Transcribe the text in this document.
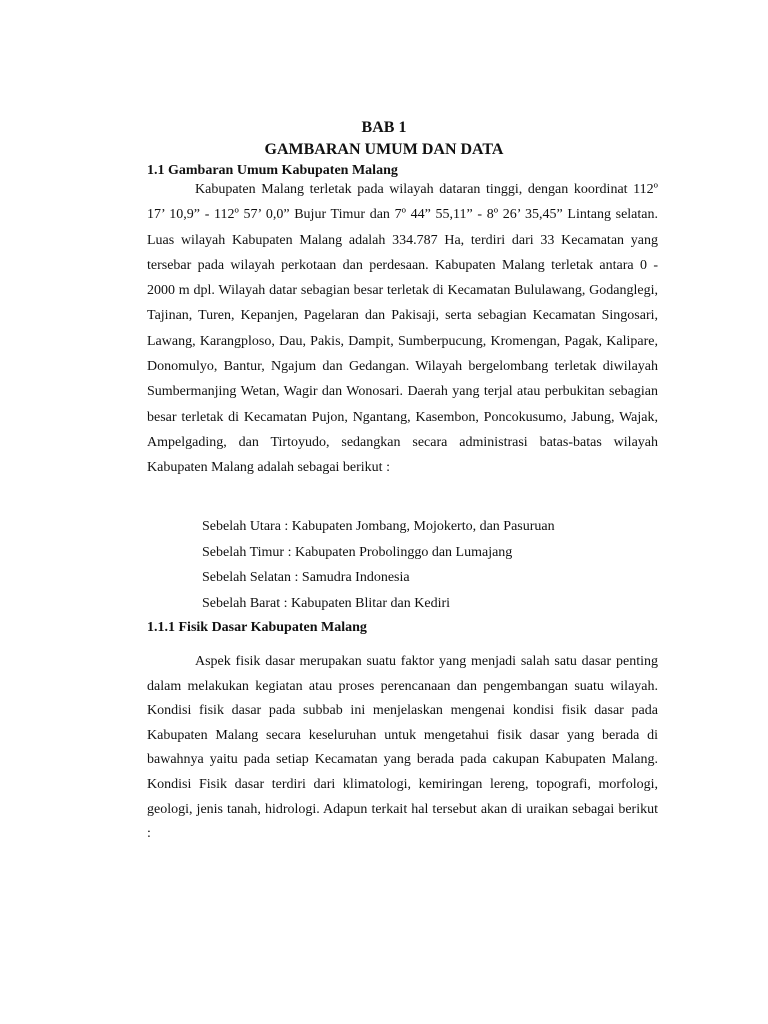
BAB 1
GAMBARAN UMUM DAN DATA
1.1 Gambaran Umum Kabupaten Malang

Kabupaten Malang terletak pada wilayah dataran tinggi, dengan koordinat 112º 17’ 10,9” - 112º 57’ 0,0” Bujur Timur dan 7º 44” 55,11” - 8º 26’ 35,45” Lintang selatan. Luas wilayah Kabupaten Malang adalah 334.787 Ha, terdiri dari 33 Kecamatan yang tersebar pada wilayah perkotaan dan perdesaan. Kabupaten Malang terletak antara 0 - 2000 m dpl. Wilayah datar sebagian besar terletak di Kecamatan Bululawang, Godanglegi, Tajinan, Turen, Kepanjen, Pagelaran dan Pakisaji, serta sebagian Kecamatan Singosari, Lawang, Karangploso, Dau, Pakis, Dampit, Sumberpucung, Kromengan, Pagak, Kalipare, Donomulyo, Bantur, Ngajum dan Gedangan. Wilayah bergelombang terletak diwilayah Sumbermanjing Wetan, Wagir dan Wonosari. Daerah yang terjal atau perbukitan sebagian besar terletak di Kecamatan Pujon, Ngantang, Kasembon, Poncokusumo, Jabung, Wajak, Ampelgading, dan Tirtoyudo, sedangkan secara administrasi batas-batas wilayah Kabupaten Malang adalah sebagai berikut :

Sebelah Utara : Kabupaten Jombang, Mojokerto, dan Pasuruan
Sebelah Timur : Kabupaten Probolinggo dan Lumajang
Sebelah Selatan : Samudra Indonesia
Sebelah Barat : Kabupaten Blitar dan Kediri
1.1.1 Fisik Dasar Kabupaten Malang

Aspek fisik dasar merupakan suatu faktor yang menjadi salah satu dasar penting dalam melakukan kegiatan atau proses perencanaan dan pengembangan suatu wilayah. Kondisi fisik dasar pada subbab ini menjelaskan mengenai kondisi fisik dasar pada Kabupaten Malang secara keseluruhan untuk mengetahui fisik dasar yang berada di bawahnya yaitu pada setiap Kecamatan yang berada pada cakupan Kabupaten Malang. Kondisi Fisik dasar terdiri dari klimatologi, kemiringan lereng, topografi, morfologi, geologi, jenis tanah, hidrologi. Adapun terkait hal tersebut akan di uraikan sebagai berikut :
